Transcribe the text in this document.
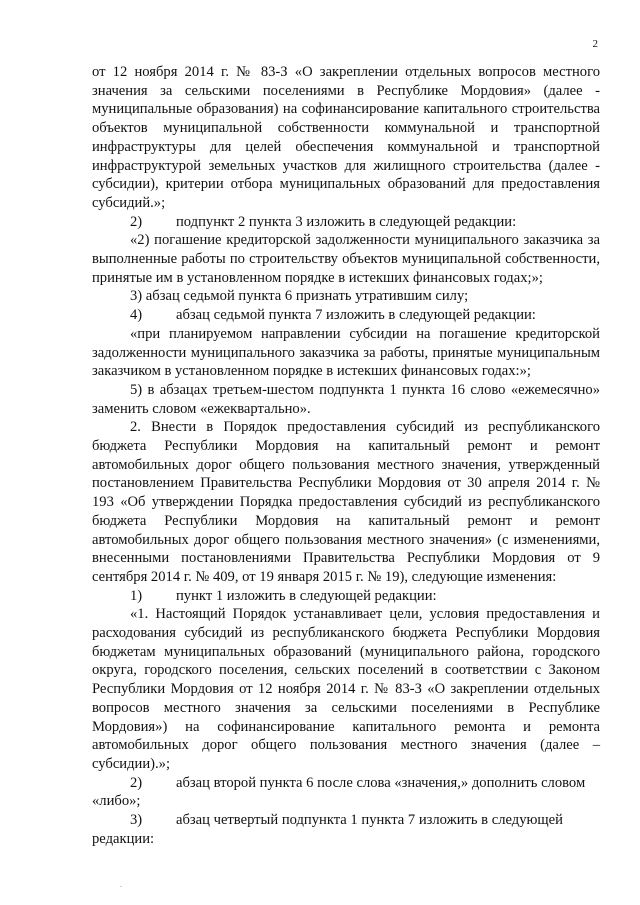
2

от 12 ноября 2014 г. № 83-З «О закреплении отдельных вопросов местного значения за сельскими поселениями в Республике Мордовия» (далее - муниципальные образования) на софинансирование капитального строительства объектов муниципальной собственности коммунальной и транспортной инфраструктуры для целей обеспечения коммунальной и транспортной инфраструктурой земельных участков для жилищного строительства (далее - субсидии), критерии отбора муниципальных образований для предоставления субсидий.»;

2) подпункт 2 пункта 3 изложить в следующей редакции:

«2) погашение кредиторской задолженности муниципального заказчика за выполненные работы по строительству объектов муниципальной собственности, принятые им в установленном порядке в истекших финансовых годах;»;

3) абзац седьмой пункта 6 признать утратившим силу;

4) абзац седьмой пункта 7 изложить в следующей редакции:

«при планируемом направлении субсидии на погашение кредиторской задолженности муниципального заказчика за работы, принятые муниципальным заказчиком в установленном порядке в истекших финансовых годах:»;

5) в абзацах третьем-шестом подпункта 1 пункта 16 слово «ежемесячно» заменить словом «ежеквартально».

2. Внести в Порядок предоставления субсидий из республиканского бюджета Республики Мордовия на капитальный ремонт и ремонт автомобильных дорог общего пользования местного значения, утвержденный постановлением Правительства Республики Мордовия от 30 апреля 2014 г. № 193 «Об утверждении Порядка предоставления субсидий из республиканского бюджета Республики Мордовия на капитальный ремонт и ремонт автомобильных дорог общего пользования местного значения» (с изменениями, внесенными постановлениями Правительства Республики Мордовия от 9 сентября 2014 г. № 409, от 19 января 2015 г. № 19), следующие изменения:

1) пункт 1 изложить в следующей редакции:

«1. Настоящий Порядок устанавливает цели, условия предоставления и расходования субсидий из республиканского бюджета Республики Мордовия бюджетам муниципальных образований (муниципального района, городского округа, городского поселения, сельских поселений в соответствии с Законом Республики Мордовия от 12 ноября 2014 г. № 83-З «О закреплении отдельных вопросов местного значения за сельскими поселениями в Республике Мордовия») на софинансирование капитального ремонта и ремонта автомобильных дорог общего пользования местного значения (далее – субсидии).»;

2) абзац второй пункта 6 после слова «значения,» дополнить словом

«либо»;

3) абзац четвертый подпункта 1 пункта 7 изложить в следующей

редакции:

.
